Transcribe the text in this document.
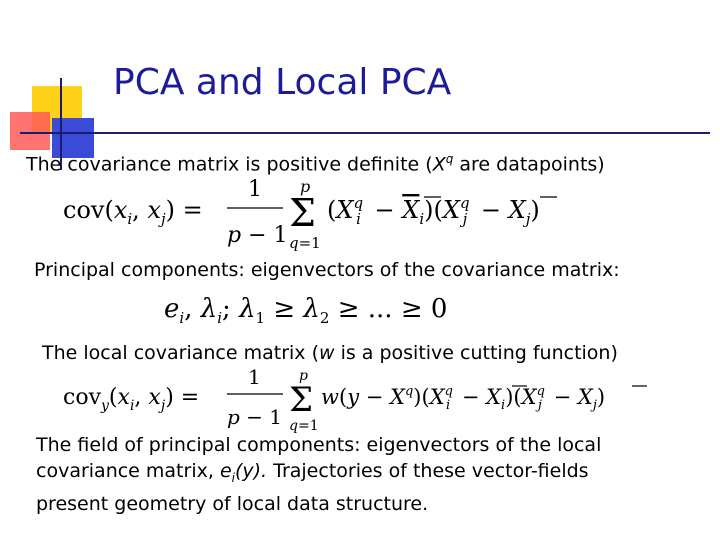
PCA and Local PCA
The covariance matrix is positive definite ($X^q$ are datapoints)
$cov(x_i$, $x_j$) =
1
p − 1
p
Σ
q=1
($X^q$ $i - X_i)(X^q$ $j - X_j$)
Principal components: eigenvectors of the covariance matrix:
$e_i$, $\lambda_i$; $\lambda_1 \ge \lambda_2$ ≥ ... ≥ 0
The local covariance matrix (w is a positive cutting function)
$cov_y(x_i$, $x_j$) =
1
p − 1
p
Σ
q=1
$w(y - X^q)(X^q$ $i - X_i)(X^q$ $j - X_j$)
The field of principal components: eigenvectors of the local
covariance matrix, $e_i(y)$. Trajectories of these vector-fields
present geometry of local data structure.
